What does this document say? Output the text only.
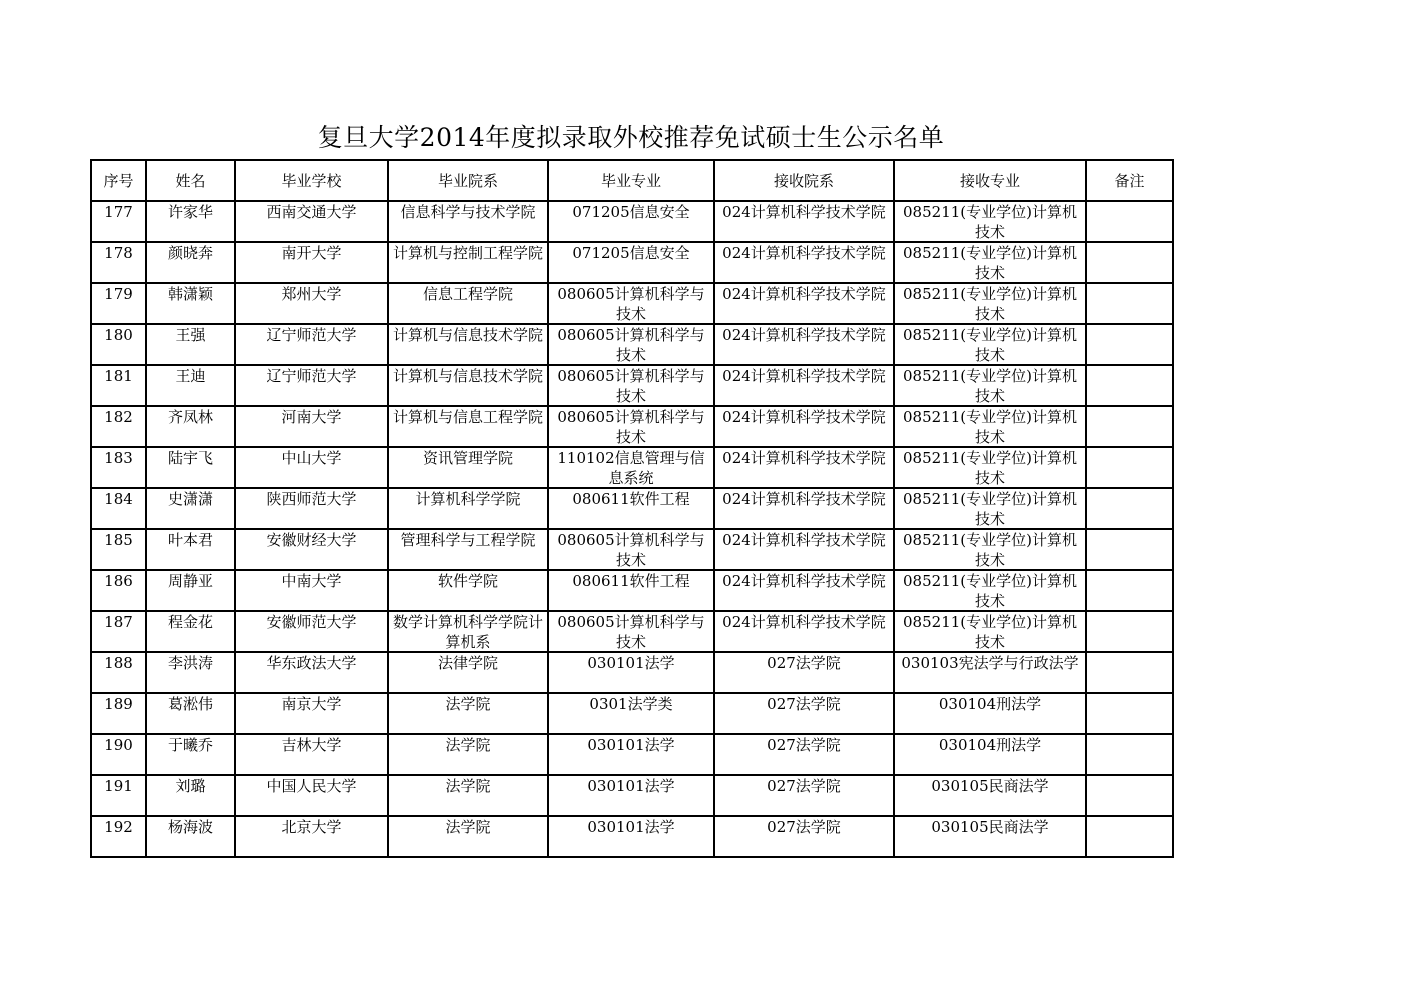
复旦大学2014年度拟录取外校推荐免试硕士生公示名单
序号	姓名	毕业学校	毕业院系	毕业专业	接收院系	接收专业	备注

177	许家华	西南交通大学	信息科学与技术学院	071205信息安全	024计算机科学技术学院	085211(专业学位)计算机技术	

178	颜晓奔	南开大学	计算机与控制工程学院	071205信息安全	024计算机科学技术学院	085211(专业学位)计算机技术	

179	韩潇颖	郑州大学	信息工程学院	080605计算机科学与技术	024计算机科学技术学院	085211(专业学位)计算机技术	

180	王强	辽宁师范大学	计算机与信息技术学院	080605计算机科学与技术	024计算机科学技术学院	085211(专业学位)计算机技术	

181	王迪	辽宁师范大学	计算机与信息技术学院	080605计算机科学与技术	024计算机科学技术学院	085211(专业学位)计算机技术	

182	齐凤林	河南大学	计算机与信息工程学院	080605计算机科学与技术	024计算机科学技术学院	085211(专业学位)计算机技术	

183	陆宇飞	中山大学	资讯管理学院	110102信息管理与信息系统	024计算机科学技术学院	085211(专业学位)计算机技术	

184	史潇潇	陕西师范大学	计算机科学学院	080611软件工程	024计算机科学技术学院	085211(专业学位)计算机技术	

185	叶本君	安徽财经大学	管理科学与工程学院	080605计算机科学与技术	024计算机科学技术学院	085211(专业学位)计算机技术	

186	周静亚	中南大学	软件学院	080611软件工程	024计算机科学技术学院	085211(专业学位)计算机技术	

187	程金花	安徽师范大学	数学计算机科学学院计算机系	080605计算机科学与技术	024计算机科学技术学院	085211(专业学位)计算机技术	

188	李洪涛	华东政法大学	法律学院	030101法学	027法学院	030103宪法学与行政法学	

189	葛淞伟	南京大学	法学院	0301法学类	027法学院	030104刑法学	

190	于曦乔	吉林大学	法学院	030101法学	027法学院	030104刑法学	

191	刘璐	中国人民大学	法学院	030101法学	027法学院	030105民商法学	

192	杨海波	北京大学	法学院	030101法学	027法学院	030105民商法学	
